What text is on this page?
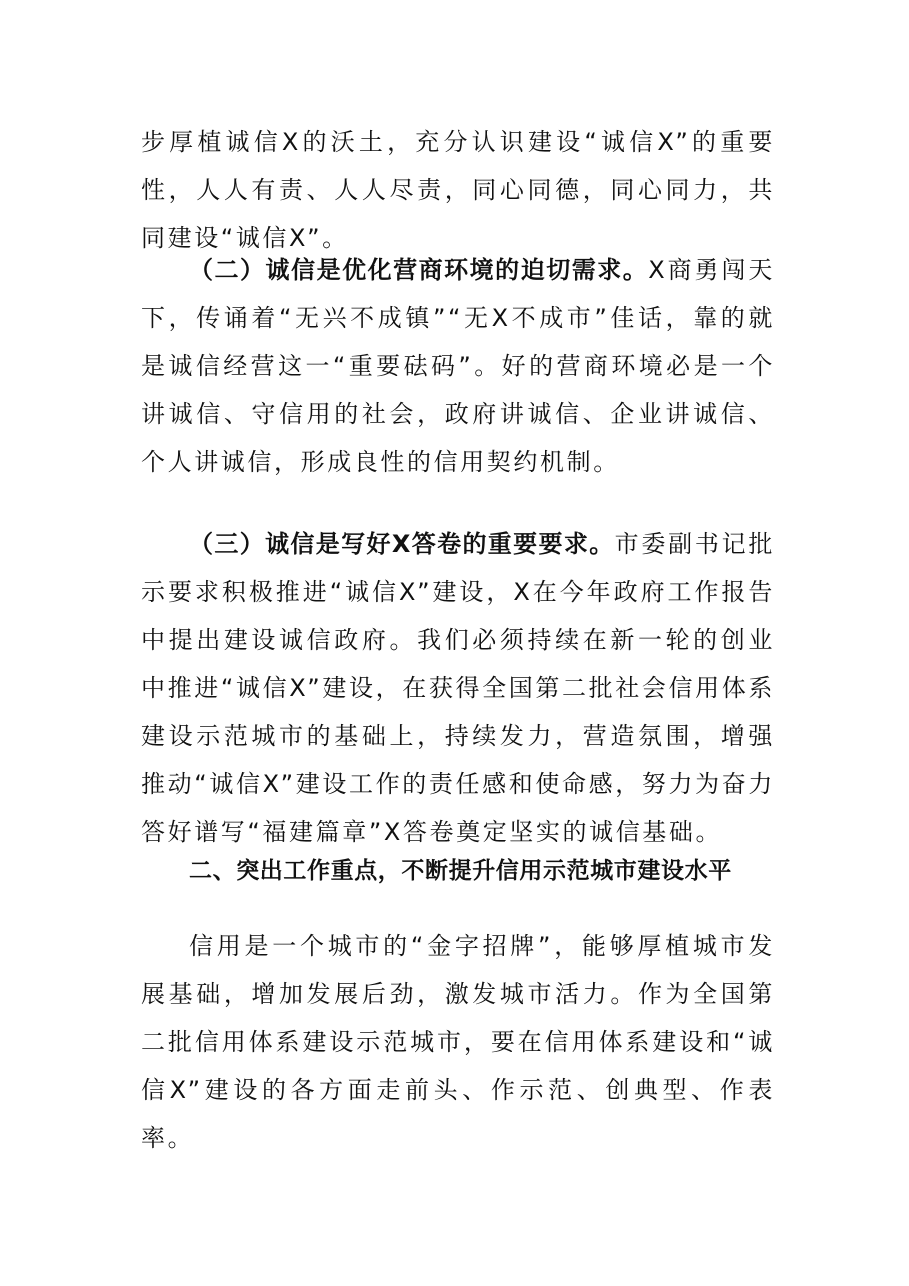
步厚植诚信X的沃土，充分认识建设“诚信X”的重要性，人人有责、人人尽责，同心同德，同心同力，共同建设“诚信X”。

（二）诚信是优化营商环境的迫切需求。X商勇闯天下，传诵着“无兴不成镇”“无X不成市”佳话，靠的就是诚信经营这一“重要砝码”。好的营商环境必是一个讲诚信、守信用的社会，政府讲诚信、企业讲诚信、个人讲诚信，形成良性的信用契约机制。

（三）诚信是写好X答卷的重要要求。市委副书记批示要求积极推进“诚信X”建设，X在今年政府工作报告中提出建设诚信政府。我们必须持续在新一轮的创业中推进“诚信X”建设，在获得全国第二批社会信用体系建设示范城市的基础上，持续发力，营造氛围，增强推动“诚信X”建设工作的责任感和使命感，努力为奋力答好谱写“福建篇章”X答卷奠定坚实的诚信基础。

二、突出工作重点，不断提升信用示范城市建设水平

信用是一个城市的“金字招牌”，能够厚植城市发展基础，增加发展后劲，激发城市活力。作为全国第二批信用体系建设示范城市，要在信用体系建设和“诚信X”建设的各方面走前头、作示范、创典型、作表率。
